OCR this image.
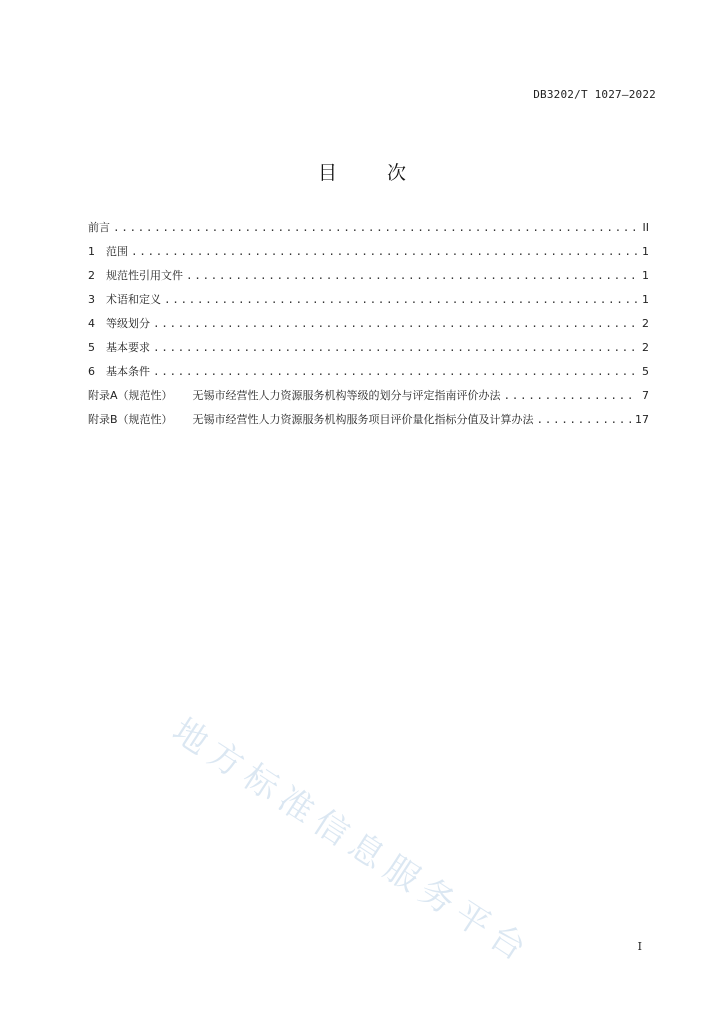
DB3202/T 1027—2022
目	次
前言 .....	II
1	范围 .....	1
2	规范性引用文件 .....	1
3	术语和定义 .....	1
4	等级划分 .....	2
5	基本要求 .....	2
6	基本条件 .....	5
附录A（规范性） 无锡市经营性人力资源服务机构等级的划分与评定指南评价办法 .....	7
附录B（规范性） 无锡市经营性人力资源服务机构服务项目评价量化指标分值及计算办法 .....	17
地方标准信息服务平台	I
